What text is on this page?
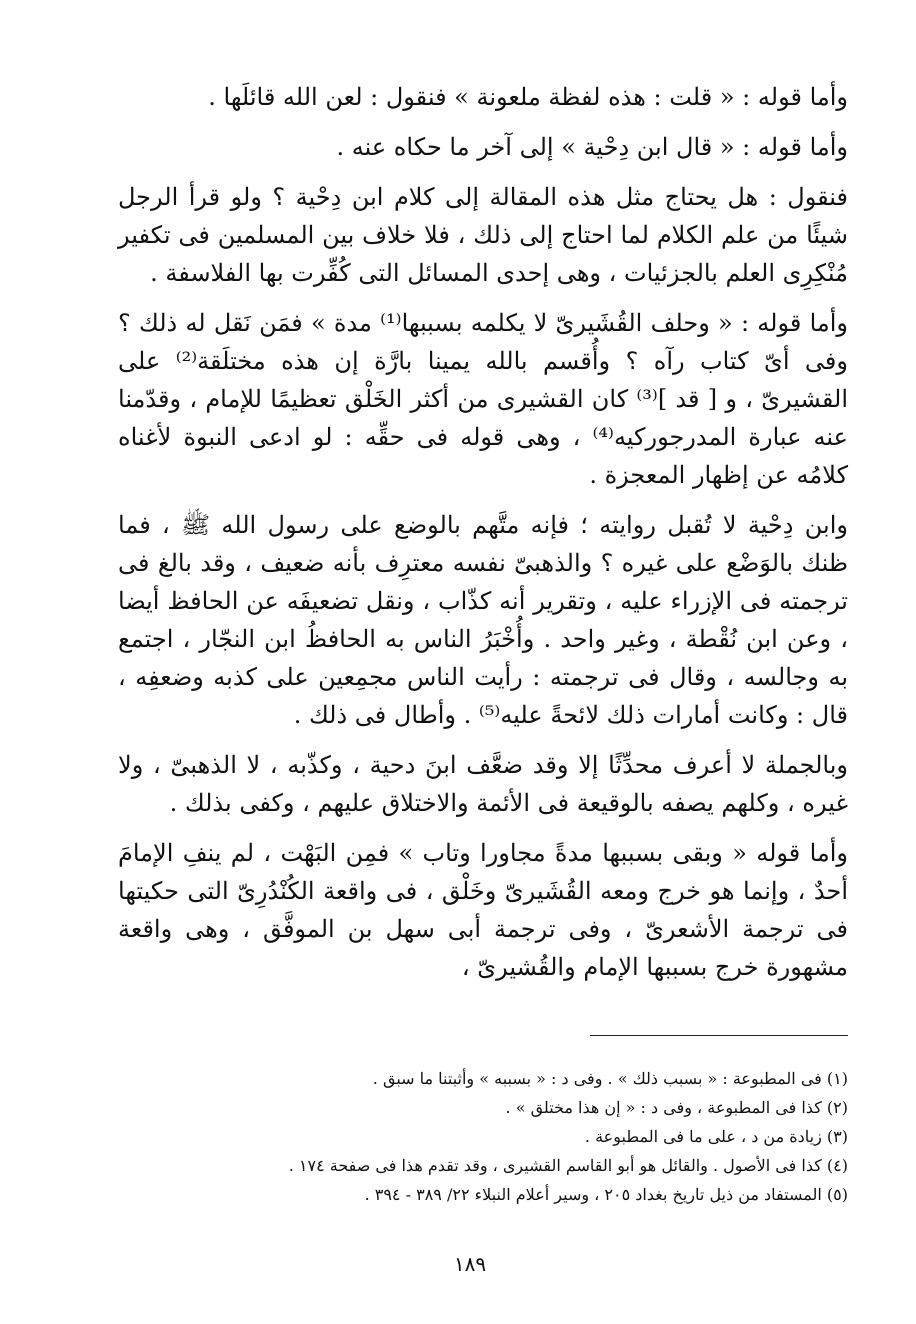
وأما قوله : « قلت : هذه لفظة ملعونة » فنقول : لعن الله قائلَها .

وأما قوله : « قال ابن دِحْية » إلى آخر ما حكاه عنه .

فنقول : هل يحتاج مثل هذه المقالة إلى كلام ابن دِحْية ؟ ولو قرأ الرجل شيئًا من علم الكلام لما احتاج إلى ذلك ، فلا خلاف بين المسلمين فى تكفير مُنْكِرِى العلم بالجزئيات ، وهى إحدى المسائل التى كُفِّرت بها الفلاسفة .

وأما قوله : « وحلف القُشَيرىّ لا يكلمه بسببها⁽¹⁾ مدة » فمَن نَقل له ذلك ؟ وفى أىّ كتاب رآه ؟ وأُقسم بالله يمينا بارَّة إن هذه مختلَقة⁽²⁾ على القشيرىّ ، و [ قد ]⁽³⁾ كان القشيرى من أكثر الخَلْق تعظيمًا للإمام ، وقدّمنا عنه عبارة المدرجوركيه⁽⁴⁾ ، وهى قوله فى حقِّه : لو ادعى النبوة لأغناه كلامُه عن إظهار المعجزة .

وابن دِحْية لا تُقبل روايته ؛ فإنه متَّهم بالوضع على رسول الله ﷺ ، فما ظنك بالوَضْع على غيره ؟ والذهبىّ نفسه معترِف بأنه ضعيف ، وقد بالغ فى ترجمته فى الإزراء عليه ، وتقرير أنه كذّاب ، ونقل تضعيفَه عن الحافظ أيضا ، وعن ابن نُقْطة ، وغير واحد . وأُخْبَرُ الناس به الحافظُ ابن النجّار ، اجتمع به وجالسه ، وقال فى ترجمته : رأيت الناس مجمِعين على كذبه وضعفِه ، قال : وكانت أمارات ذلك لائحةً عليه⁽⁵⁾ . وأطال فى ذلك .

وبالجملة لا أعرف محدِّثًا إلا وقد ضعَّف ابنَ دحية ، وكذّبه ، لا الذهبىّ ، ولا غيره ، وكلهم يصفه بالوقيعة فى الأئمة والاختلاق عليهم ، وكفى بذلك .

وأما قوله « وبقى بسببها مدةً مجاورا وتاب » فمِن البَهْت ، لم ينفِ الإمامَ أحدٌ ، وإنما هو خرج ومعه القُشَيرىّ وخَلْق ، فى واقعة الكُنْدُرِىّ التى حكيتها فى ترجمة الأشعرىّ ، وفى ترجمة أبى سهل بن الموفَّق ، وهى واقعة مشهورة خرج بسببها الإمام والقُشيرىّ ،

(١) فى المطبوعة : « بسبب ذلك » . وفى د : « بسببه » وأثبتنا ما سبق .

(٢) كذا فى المطبوعة ، وفى د : « إن هذا مختلق » .

(٣) زيادة من د ، على ما فى المطبوعة .

(٤) كذا فى الأصول . والقائل هو أبو القاسم القشيرى ، وقد تقدم هذا فى صفحة ١٧٤ .

(٥) المستفاد من ذيل تاريخ بغداد ٢٠٥ ، وسير أعلام النبلاء ٢٢/ ٣٨٩ - ٣٩٤ .

١٨٩
